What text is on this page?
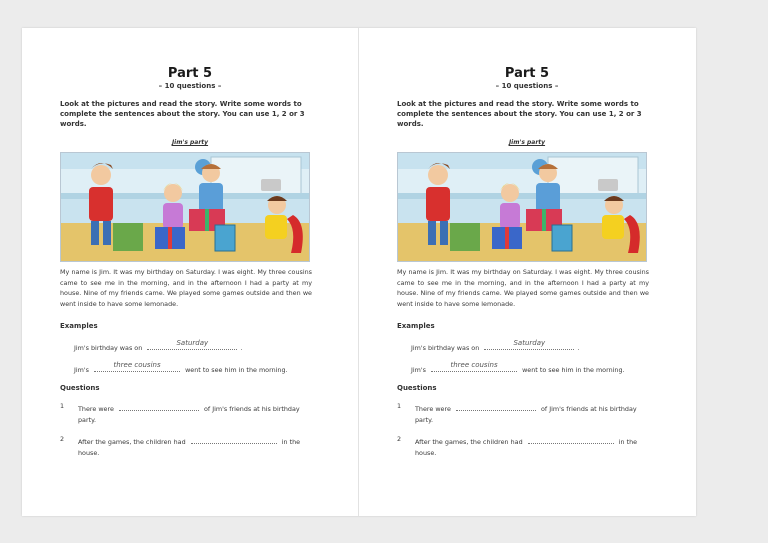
Part 5
– 10 questions –
Look at the pictures and read the story. Write some words to complete the sentences about the story. You can use 1, 2 or 3 words.
Jim's party
My name is Jim. It was my birthday on Saturday. I was eight. My three cousins came to see me in the morning, and in the afternoon I had a party at my house. Nine of my friends came. We played some games outside and then we went inside to have some lemonade.
Examples
Jim's birthday was on
Saturday
.
Jim's
three cousins
went to see him in the morning.
Questions
1 There were	of Jim's friends at his birthday party.
2 After the games, the children had	in the house.
Part 5
– 10 questions –
Look at the pictures and read the story. Write some words to complete the sentences about the story. You can use 1, 2 or 3 words.
Jim's party
My name is Jim. It was my birthday on Saturday. I was eight. My three cousins came to see me in the morning, and in the afternoon I had a party at my house. Nine of my friends came. We played some games outside and then we went inside to have some lemonade.
Examples
Jim's birthday was on
Saturday
.
Jim's
three cousins
went to see him in the morning.
Questions
1 There were	of Jim's friends at his birthday party.
2 After the games, the children had	in the house.
